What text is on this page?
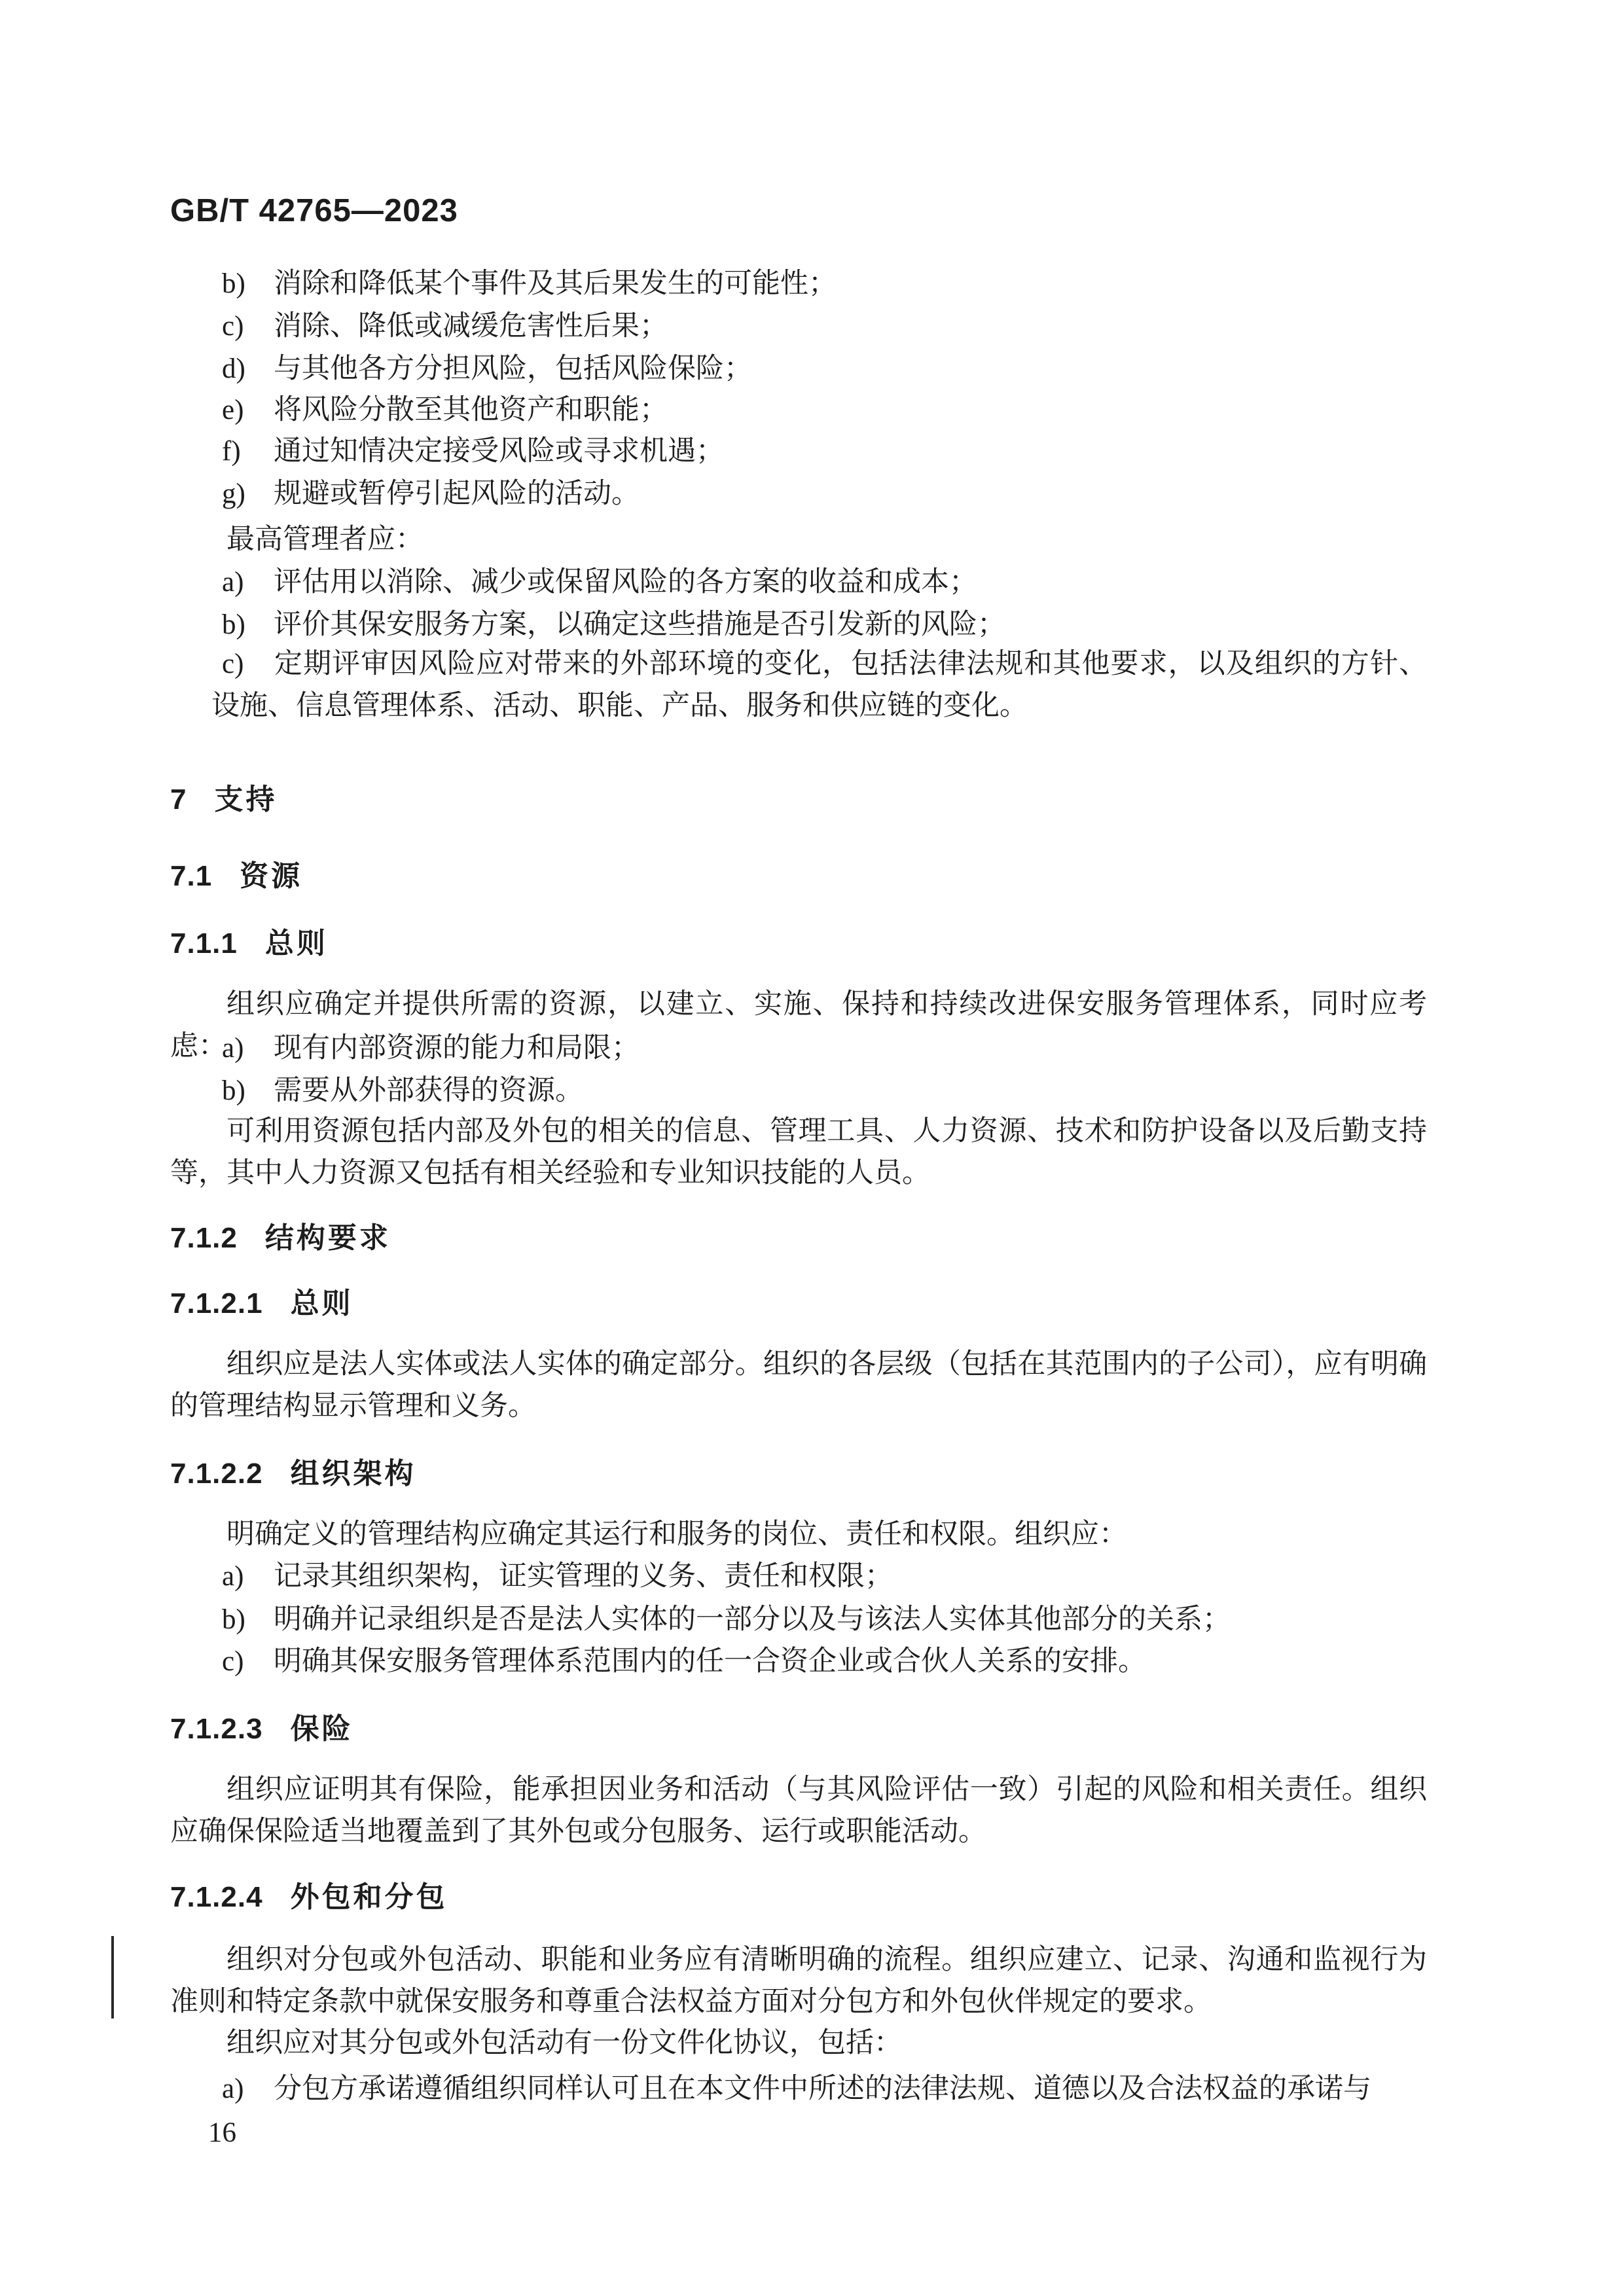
GB/T 42765—2023
b) 消除和降低某个事件及其后果发生的可能性；
c) 消除、降低或减缓危害性后果；
d) 与其他各方分担风险，包括风险保险；
e) 将风险分散至其他资产和职能；
f) 通过知情决定接受风险或寻求机遇；
g) 规避或暂停引起风险的活动。
最高管理者应：
a) 评估用以消除、减少或保留风险的各方案的收益和成本；
b) 评价其保安服务方案，以确定这些措施是否引发新的风险；
c) 定期评审因风险应对带来的外部环境的变化，包括法律法规和其他要求，以及组织的方针、设施、信息管理体系、活动、职能、产品、服务和供应链的变化。
7 支持
7.1 资源
7.1.1 总则
组织应确定并提供所需的资源，以建立、实施、保持和持续改进保安服务管理体系，同时应考虑：
a) 现有内部资源的能力和局限；
b) 需要从外部获得的资源。
可利用资源包括内部及外包的相关的信息、管理工具、人力资源、技术和防护设备以及后勤支持等，其中人力资源又包括有相关经验和专业知识技能的人员。
7.1.2 结构要求
7.1.2.1 总则
组织应是法人实体或法人实体的确定部分。组织的各层级（包括在其范围内的子公司），应有明确的管理结构显示管理和义务。
7.1.2.2 组织架构
明确定义的管理结构应确定其运行和服务的岗位、责任和权限。组织应：
a) 记录其组织架构，证实管理的义务、责任和权限；
b) 明确并记录组织是否是法人实体的一部分以及与该法人实体其他部分的关系；
c) 明确其保安服务管理体系范围内的任一合资企业或合伙人关系的安排。
7.1.2.3 保险
组织应证明其有保险，能承担因业务和活动（与其风险评估一致）引起的风险和相关责任。组织应确保保险适当地覆盖到了其外包或分包服务、运行或职能活动。
7.1.2.4 外包和分包
组织对分包或外包活动、职能和业务应有清晰明确的流程。组织应建立、记录、沟通和监视行为准则和特定条款中就保安服务和尊重合法权益方面对分包方和外包伙伴规定的要求。
组织应对其分包或外包活动有一份文件化协议，包括：
a) 分包方承诺遵循组织同样认可且在本文件中所述的法律法规、道德以及合法权益的承诺与
16
